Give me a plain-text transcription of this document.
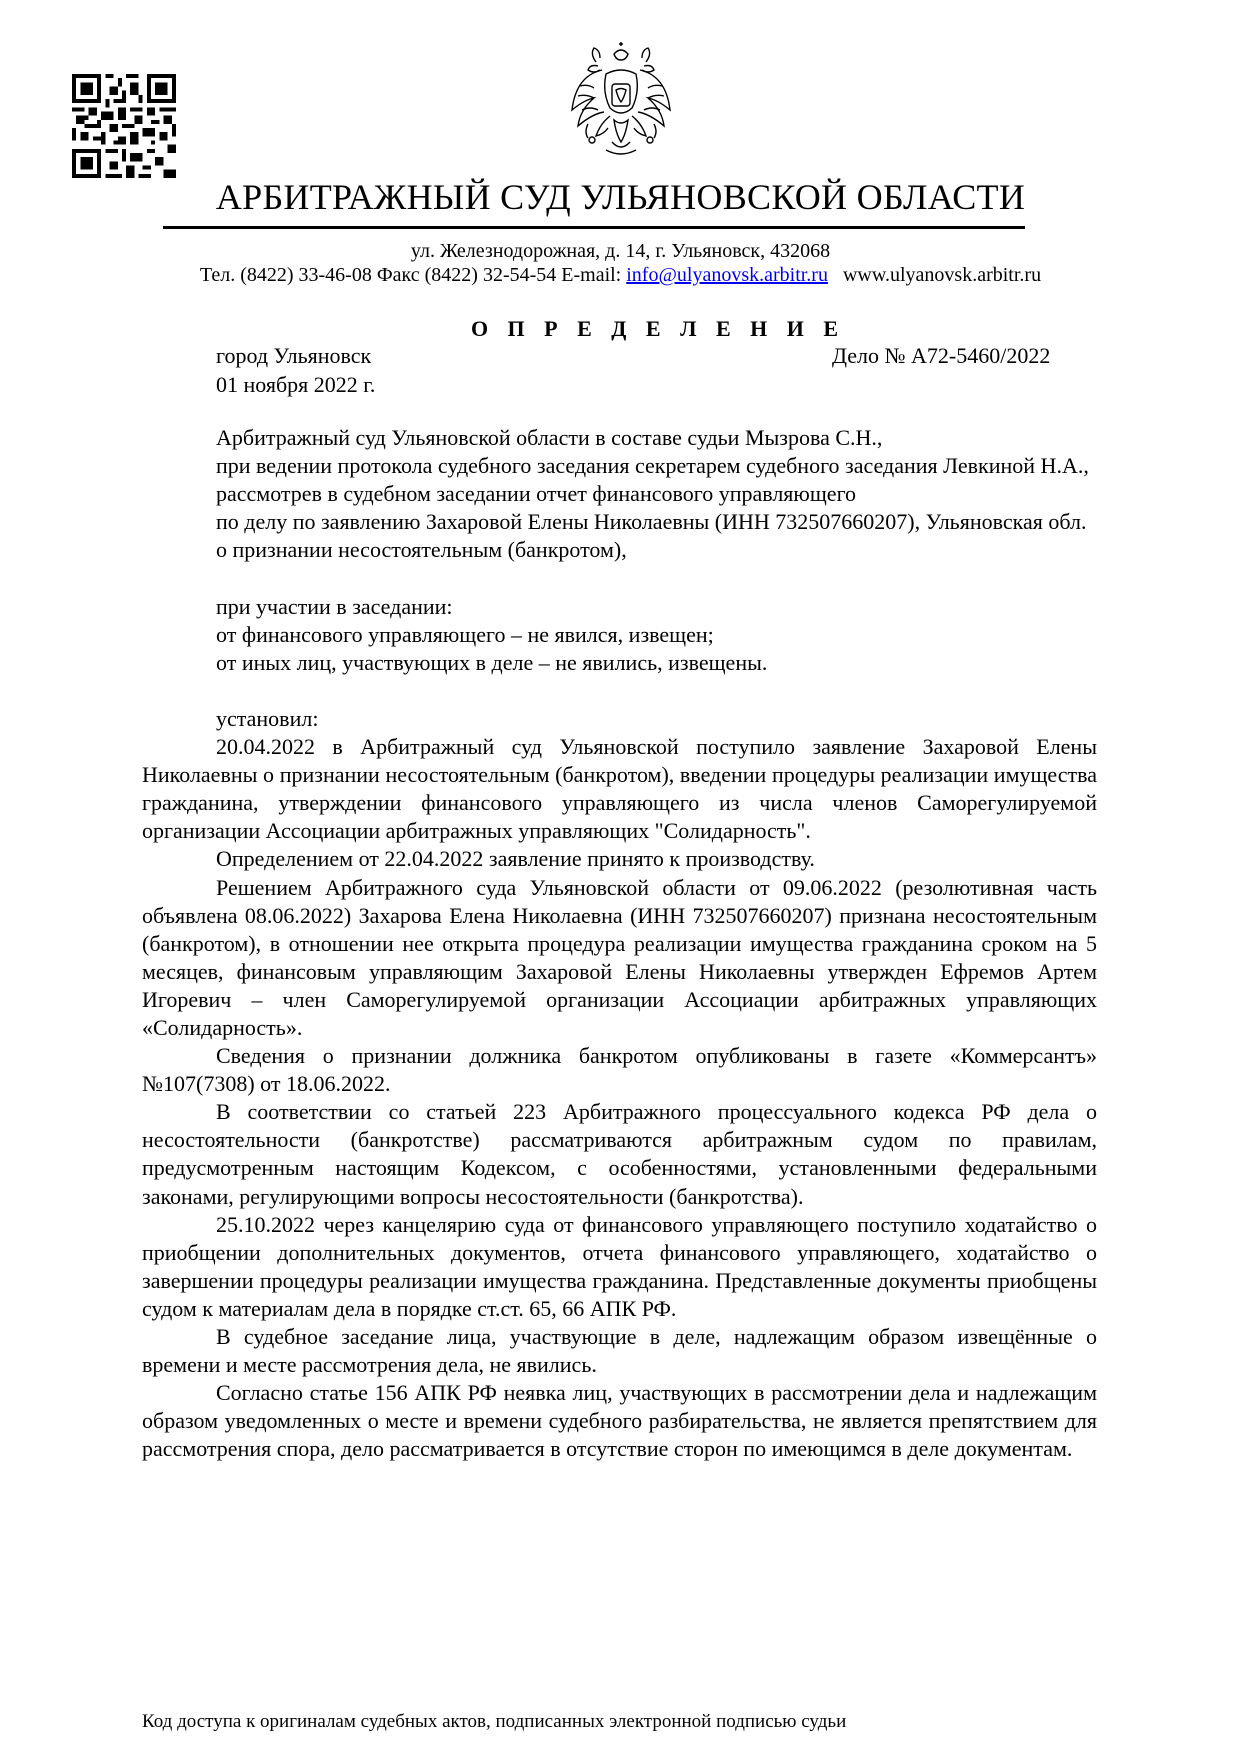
АРБИТРАЖНЫЙ СУД УЛЬЯНОВСКОЙ ОБЛАСТИ
ул. Железнодорожная, д. 14, г. Ульяновск, 432068
Тел. (8422) 33-46-08 Факс (8422) 32-54-54 E-mail: info@ulyanovsk.arbitr.ru www.ulyanovsk.arbitr.ru
О П Р Е Д Е Л Е Н И Е
город Ульяновск	Дело № А72-5460/2022
01 ноября 2022 г.

Арбитражный суд Ульяновской области в составе судьи Мызрова С.Н.,

при ведении протокола судебного заседания секретарем судебного заседания Левкиной Н.А.,

рассмотрев в судебном заседании отчет финансового управляющего

по делу по заявлению Захаровой Елены Николаевны (ИНН 732507660207), Ульяновская обл.

о признании несостоятельным (банкротом),

при участии в заседании:

от финансового управляющего – не явился, извещен;

от иных лиц, участвующих в деле – не явились, извещены.

установил:

20.04.2022 в Арбитражный суд Ульяновской поступило заявление Захаровой Елены Николаевны о признании несостоятельным (банкротом), введении процедуры реализации имущества гражданина, утверждении финансового управляющего из числа членов Саморегулируемой организации Ассоциации арбитражных управляющих "Солидарность".

Определением от 22.04.2022 заявление принято к производству.

Решением Арбитражного суда Ульяновской области от 09.06.2022 (резолютивная часть объявлена 08.06.2022) Захарова Елена Николаевна (ИНН 732507660207) признана несостоятельным (банкротом), в отношении нее открыта процедура реализации имущества гражданина сроком на 5 месяцев, финансовым управляющим Захаровой Елены Николаевны утвержден Ефремов Артем Игоревич – член Саморегулируемой организации Ассоциации арбитражных управляющих «Солидарность».

Сведения о признании должника банкротом опубликованы в газете «Коммерсантъ» №107(7308) от 18.06.2022.

В соответствии со статьей 223 Арбитражного процессуального кодекса РФ дела о несостоятельности (банкротстве) рассматриваются арбитражным судом по правилам, предусмотренным настоящим Кодексом, с особенностями, установленными федеральными законами, регулирующими вопросы несостоятельности (банкротства).

25.10.2022 через канцелярию суда от финансового управляющего поступило ходатайство о приобщении дополнительных документов, отчета финансового управляющего, ходатайство о завершении процедуры реализации имущества гражданина. Представленные документы приобщены судом к материалам дела в порядке ст.ст. 65, 66 АПК РФ.

В судебное заседание лица, участвующие в деле, надлежащим образом извещённые о времени и месте рассмотрения дела, не явились.

Согласно статье 156 АПК РФ неявка лиц, участвующих в рассмотрении дела и надлежащим образом уведомленных о месте и времени судебного разбирательства, не является препятствием для рассмотрения спора, дело рассматривается в отсутствие сторон по имеющимся в деле документам.

Код доступа к оригиналам судебных актов, подписанных электронной подписью судьи
